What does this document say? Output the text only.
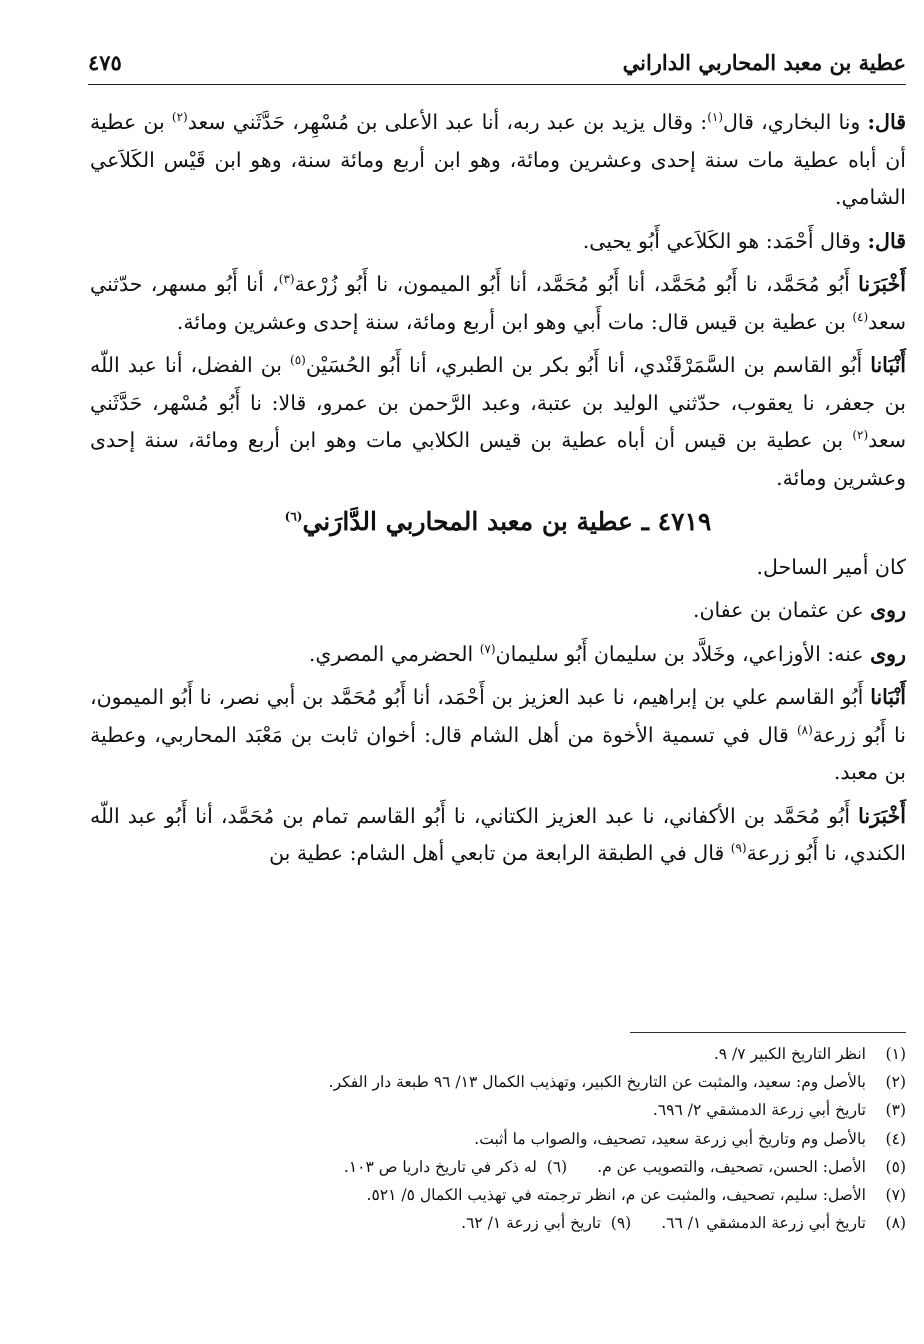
عطية بن معبد المحاربي الداراني
٤٧٥

قال: ونا البخاري، قال$^{(١)}$: وقال يزيد بن عبد ربه، أنا عبد الأعلى بن مُسْهِر، حَدَّثَني سعد$^{(٢)}$ بن عطية أن أباه عطية مات سنة إحدى وعشرين ومائة، وهو ابن أربع ومائة سنة، وهو ابن قَيْس الكَلاَعي الشامي.

قال: وقال أَحْمَد: هو الكَلاَعي أَبُو يحيى.

أَخْبَرَنا أَبُو مُحَمَّد، نا أَبُو مُحَمَّد، أنا أَبُو مُحَمَّد، أنا أَبُو الميمون، نا أَبُو زُرْعة$^{(٣)}$، أنا أَبُو مسهر، حدّثني سعد$^{(٤)}$ بن عطية بن قيس قال: مات أَبي وهو ابن أربع ومائة، سنة إحدى وعشرين ومائة.

أَنْبَانا أَبُو القاسم بن السَّمَرْقَنْدي، أنا أَبُو بكر بن الطبري، أنا أَبُو الحُسَيْن$^{(٥)}$ بن الفضل، أنا عبد اللّه بن جعفر، نا يعقوب، حدّثني الوليد بن عتبة، وعبد الرَّحمن بن عمرو، قالا: نا أَبُو مُسْهر، حَدَّثَني سعد$^{(٢)}$ بن عطية بن قيس أن أباه عطية بن قيس الكلابي مات وهو ابن أربع ومائة، سنة إحدى وعشرين ومائة.

٤٧١٩ ـ عطية بن معبد المحاربي الدَّارَني$^{(٦)}$

كان أمير الساحل.

روى عن عثمان بن عفان.

روى عنه: الأوزاعي، وخَلاَّد بن سليمان أَبُو سليمان$^{(٧)}$ الحضرمي المصري.

أَنْبَانا أَبُو القاسم علي بن إبراهيم، نا عبد العزيز بن أَحْمَد، أنا أَبُو مُحَمَّد بن أبي نصر، نا أَبُو الميمون، نا أَبُو زرعة$^{(٨)}$ قال في تسمية الأخوة من أهل الشام قال: أخوان ثابت بن مَعْبَد المحاربي، وعطية بن معبد.

أَخْبَرَنا أَبُو مُحَمَّد بن الأكفاني، نا عبد العزيز الكتاني، نا أَبُو القاسم تمام بن مُحَمَّد، أنا أَبُو عبد اللّه الكندي، نا أَبُو زرعة$^{(٩)}$ قال في الطبقة الرابعة من تابعي أهل الشام: عطية بن

(١)
انظر التاريخ الكبير ٧/ ٩.
(٢)
بالأصل وم: سعيد، والمثبت عن التاريخ الكبير، وتهذيب الكمال ١٣/ ٩٦ طبعة دار الفكر.
(٣)
تاريخ أبي زرعة الدمشقي ٢/ ٦٩٦.
(٤)
بالأصل وم وتاريخ أبي زرعة سعيد، تصحيف، والصواب ما أثبت.
(٥)
الأصل: الحسن، تصحيف، والتصويب عن م.
(٦)

له ذكر في تاريخ داريا ص ١٠٣.
(٧)
الأصل: سليم، تصحيف، والمثبت عن م، انظر ترجمته في تهذيب الكمال ٥/ ٥٢١.
(٨)
تاريخ أبي زرعة الدمشقي ١/ ٦٦.
(٩)

تاريخ أبي زرعة ١/ ٦٢.
